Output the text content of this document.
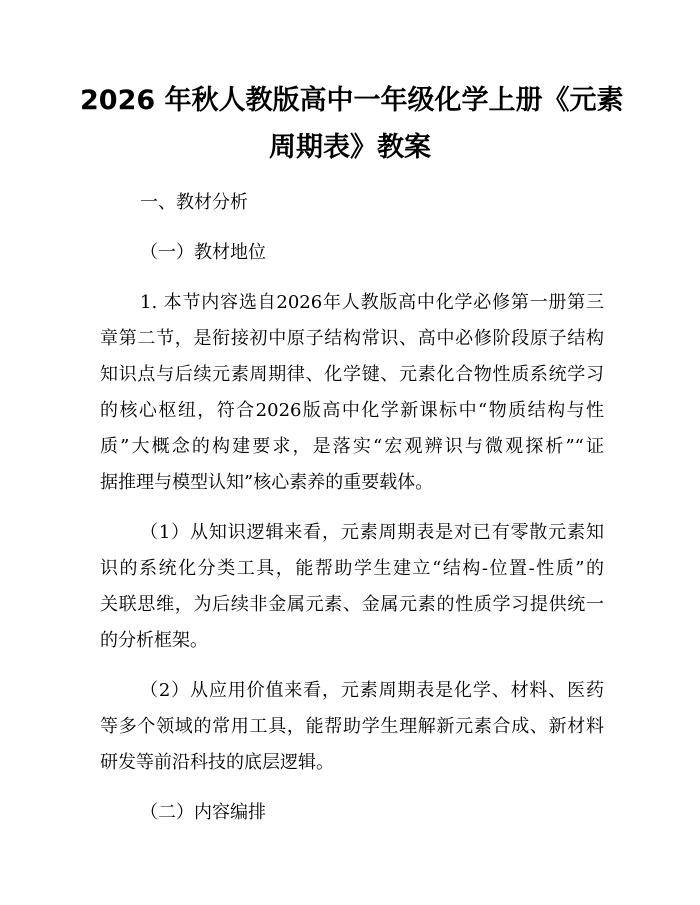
2026 年秋人教版高中一年级化学上册《元素
周期表》教案

一、教材分析

（一）教材地位

1. 本节内容选自2026年人教版高中化学必修第一册第三

章第二节，是衔接初中原子结构常识、高中必修阶段原子结构

知识点与后续元素周期律、化学键、元素化合物性质系统学习

的核心枢纽，符合2026版高中化学新课标中“物质结构与性

质”大概念的构建要求，是落实“宏观辨识与微观探析”“证

据推理与模型认知”核心素养的重要载体。

（1）从知识逻辑来看，元素周期表是对已有零散元素知

识的系统化分类工具，能帮助学生建立“结构-位置-性质”的

关联思维，为后续非金属元素、金属元素的性质学习提供统一

的分析框架。

（2）从应用价值来看，元素周期表是化学、材料、医药

等多个领域的常用工具，能帮助学生理解新元素合成、新材料

研发等前沿科技的底层逻辑。

（二）内容编排
